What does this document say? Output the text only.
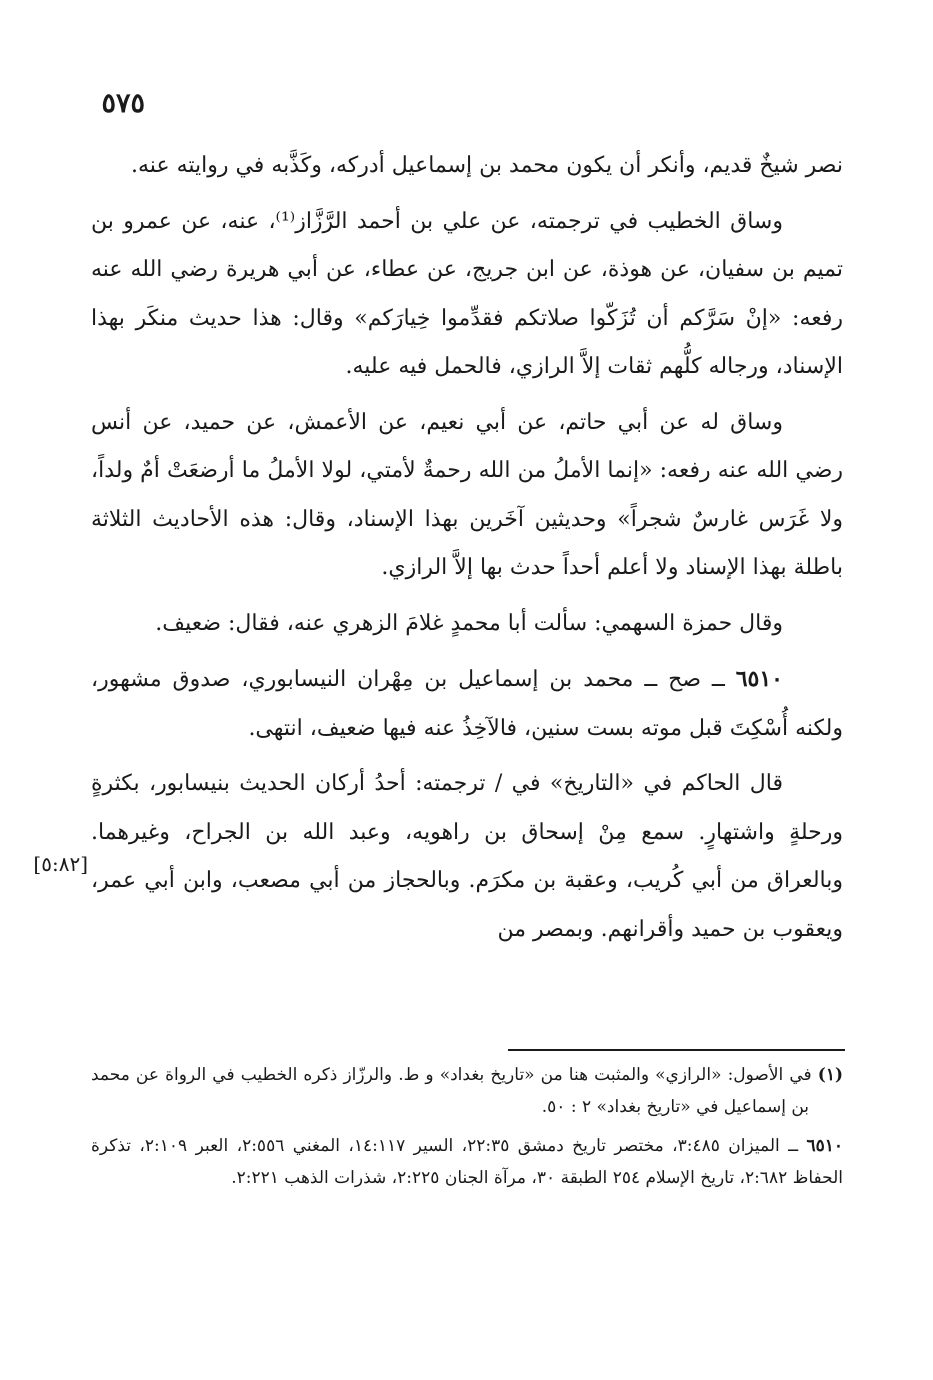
٥٧٥

نصر شيخٌ قديم، وأنكر أن يكون محمد بن إسماعيل أدركه، وكَذَّبه في روايته عنه.

وساق الخطيب في ترجمته، عن علي بن أحمد الرَّزَّاز⁽¹⁾، عنه، عن عمرو بن تميم بن سفيان، عن هوذة، عن ابن جريج، عن عطاء، عن أبي هريرة رضي الله عنه رفعه: «إنْ سَرَّكم أن تُزَكّوا صلاتكم فقدِّموا خِيارَكم» وقال: هذا حديث منكَر بهذا الإسناد، ورجاله كلُّهم ثقات إلاَّ الرازي، فالحمل فيه عليه.

وساق له عن أبي حاتم، عن أبي نعيم، عن الأعمش، عن حميد، عن أنس رضي الله عنه رفعه: «إنما الأملُ من الله رحمةٌ لأمتي، لولا الأملُ ما أرضعَتْ أمٌ ولداً، ولا غَرَس غارسٌ شجراً» وحديثين آخَرين بهذا الإسناد، وقال: هذه الأحاديث الثلاثة باطلة بهذا الإسناد ولا أعلم أحداً حدث بها إلاَّ الرازي.

وقال حمزة السهمي: سألت أبا محمدٍ غلامَ الزهري عنه، فقال: ضعيف.

٦٥١٠ ــ صح ــ محمد بن إسماعيل بن مِهْران النيسابوري، صدوق مشهور، ولكنه أُسْكِتَ قبل موته بست سنين، فالآخِذُ عنه فيها ضعيف، انتهى.

قال الحاكم في «التاريخ» في / ترجمته: أحدُ أركان الحديث بنيسابور، بكثرةٍ ورحلةٍ واشتهارٍ. سمع مِنْ إسحاق بن راهويه، وعبد الله بن الجراح، وغيرهما. وبالعراق من أبي كُريب، وعقبة بن مكرَم. وبالحجاز من أبي مصعب، وابن أبي عمر، ويعقوب بن حميد وأقرانهم. وبمصر من

[٥:٨٢]

(١) في الأصول: «الرازي» والمثبت هنا من «تاريخ بغداد» و ط. والرزّاز ذكره الخطيب في الرواة عن محمد بن إسماعيل في «تاريخ بغداد» ٢ : ٥٠.

٦٥١٠ ــ الميزان ٣:٤٨٥، مختصر تاريخ دمشق ٢٢:٣٥، السير ١٤:١١٧، المغني ٢:٥٥٦، العبر ٢:١٠٩، تذكرة الحفاظ ٢:٦٨٢، تاريخ الإسلام ٢٥٤ الطبقة ٣٠، مرآة الجنان ٢:٢٢٥، شذرات الذهب ٢:٢٢١.
